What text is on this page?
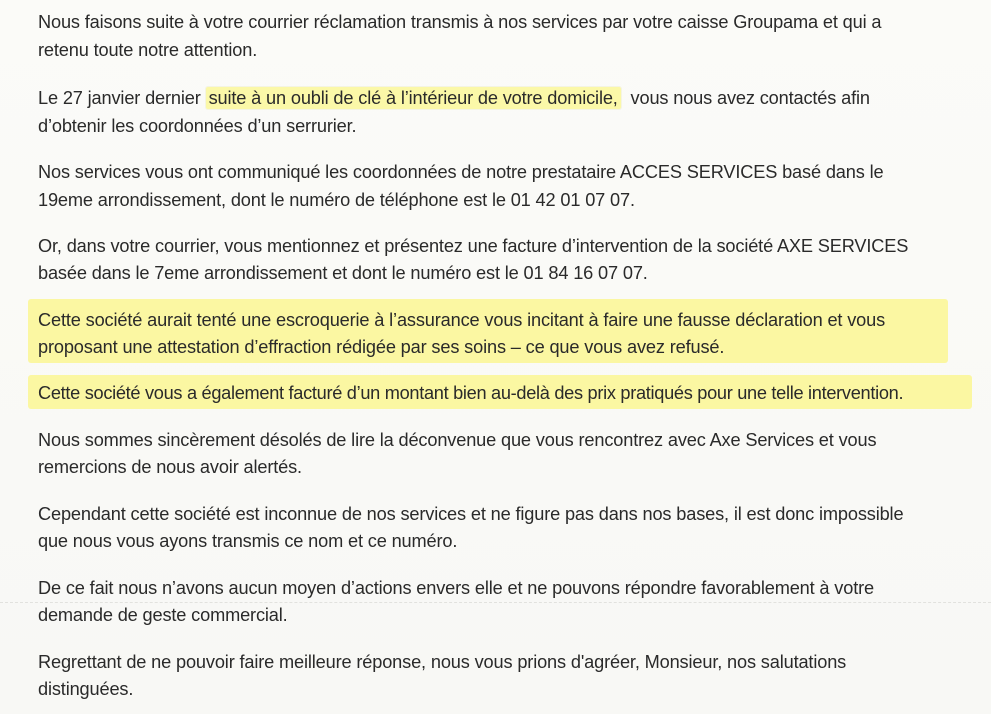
Nous faisons suite à votre courrier réclamation transmis à nos services par votre caisse Groupama et qui a

retenu toute notre attention.

Le 27 janvier dernier suite à un oubli de clé à l’intérieur de votre domicile, vous nous avez contactés afin

d’obtenir les coordonnées d’un serrurier.

Nos services vous ont communiqué les coordonnées de notre prestataire ACCES SERVICES basé dans le

19eme arrondissement, dont le numéro de téléphone est le 01 42 01 07 07.

Or, dans votre courrier, vous mentionnez et présentez une facture d’intervention de la société AXE SERVICES

basée dans le 7eme arrondissement et dont le numéro est le 01 84 16 07 07.

Cette société aurait tenté une escroquerie à l’assurance vous incitant à faire une fausse déclaration et vous

proposant une attestation d’effraction rédigée par ses soins – ce que vous avez refusé.

Cette société vous a également facturé d’un montant bien au-delà des prix pratiqués pour une telle intervention.

Nous sommes sincèrement désolés de lire la déconvenue que vous rencontrez avec Axe Services et vous

remercions de nous avoir alertés.

Cependant cette société est inconnue de nos services et ne figure pas dans nos bases, il est donc impossible

que nous vous ayons transmis ce nom et ce numéro.

De ce fait nous n’avons aucun moyen d’actions envers elle et ne pouvons répondre favorablement à votre

demande de geste commercial.

Regrettant de ne pouvoir faire meilleure réponse, nous vous prions d'agréer, Monsieur, nos salutations

distinguées.
